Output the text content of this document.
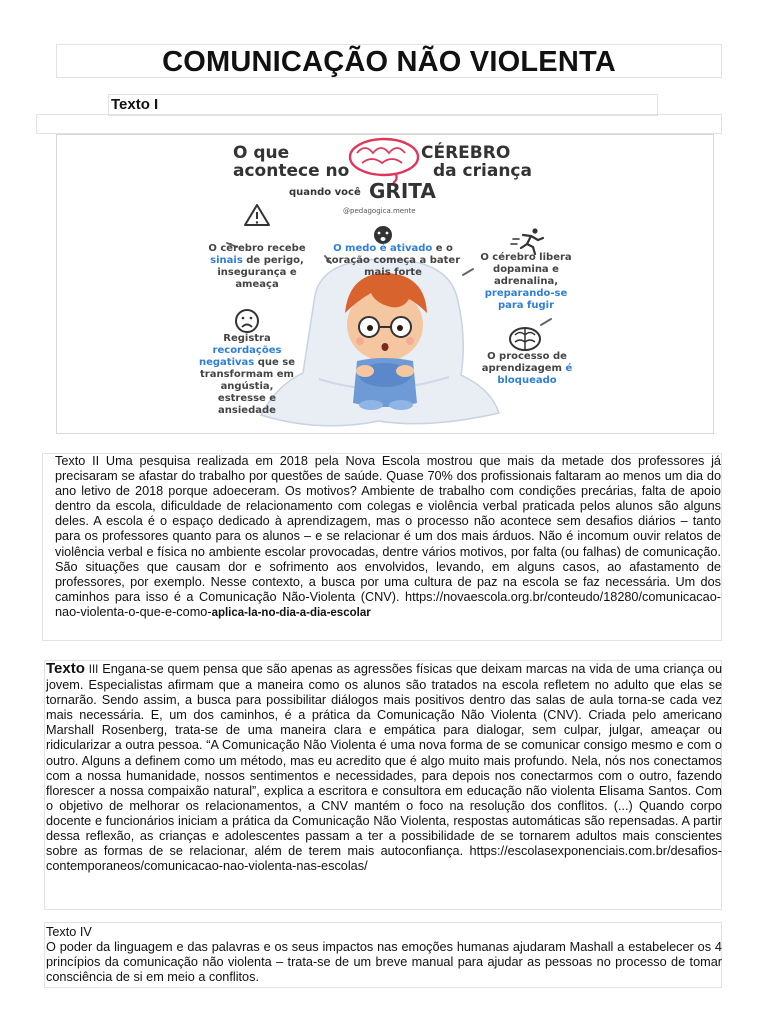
COMUNICAÇÃO NÃO VIOLENTA
Texto I
O que	CÉREBRO
acontece no	da criança
quando você GRITA
@pedagogica.mente
O cérebro recebe sinais de perigo, insegurança e ameaça
O medo é ativado e o coração começa a bater mais forte
O cérebro libera dopamina e adrenalina, preparando-se para fugir
Registra recordações negativas que se transformam em angústia, estresse e ansiedade
O processo de aprendizagem é bloqueado
Texto II Uma pesquisa realizada em 2018 pela Nova Escola mostrou que mais da metade dos professores já precisaram se afastar do trabalho por questões de saúde. Quase 70% dos profissionais faltaram ao menos um dia do ano letivo de 2018 porque adoeceram. Os motivos? Ambiente de trabalho com condições precárias, falta de apoio dentro da escola, dificuldade de relacionamento com colegas e violência verbal praticada pelos alunos são alguns deles. A escola é o espaço dedicado à aprendizagem, mas o processo não acontece sem desafios diários – tanto para os professores quanto para os alunos – e se relacionar é um dos mais árduos. Não é incomum ouvir relatos de violência verbal e física no ambiente escolar provocadas, dentre vários motivos, por falta (ou falhas) de comunicação. São situações que causam dor e sofrimento aos envolvidos, levando, em alguns casos, ao afastamento de professores, por exemplo. Nesse contexto, a busca por uma cultura de paz na escola se faz necessária. Um dos caminhos para isso é a Comunicação Não-Violenta (CNV). https://novaescola.org.br/conteudo/18280/comunicacao-nao-violenta-o-que-e-como-aplica-la-no-dia-a-dia-escolar
Texto III Engana-se quem pensa que são apenas as agressões físicas que deixam marcas na vida de uma criança ou jovem. Especialistas afirmam que a maneira como os alunos são tratados na escola refletem no adulto que elas se tornarão. Sendo assim, a busca para possibilitar diálogos mais positivos dentro das salas de aula torna-se cada vez mais necessária. E, um dos caminhos, é a prática da Comunicação Não Violenta (CNV). Criada pelo americano Marshall Rosenberg, trata-se de uma maneira clara e empática para dialogar, sem culpar, julgar, ameaçar ou ridicularizar a outra pessoa. “A Comunicação Não Violenta é uma nova forma de se comunicar consigo mesmo e com o outro. Alguns a definem como um método, mas eu acredito que é algo muito mais profundo. Nela, nós nos conectamos com a nossa humanidade, nossos sentimentos e necessidades, para depois nos conectarmos com o outro, fazendo florescer a nossa compaixão natural”, explica a escritora e consultora em educação não violenta Elisama Santos. Com o objetivo de melhorar os relacionamentos, a CNV mantém o foco na resolução dos conflitos. (...) Quando corpo docente e funcionários iniciam a prática da Comunicação Não Violenta, respostas automáticas são repensadas. A partir dessa reflexão, as crianças e adolescentes passam a ter a possibilidade de se tornarem adultos mais conscientes sobre as formas de se relacionar, além de terem mais autoconfiança. https://escolasexponenciais.com.br/desafios-contemporaneos/comunicacao-nao-violenta-nas-escolas/
Texto IV
O poder da linguagem e das palavras e os seus impactos nas emoções humanas ajudaram Mashall a estabelecer os 4 princípios da comunicação não violenta – trata-se de um breve manual para ajudar as pessoas no processo de tomar consciência de si em meio a conflitos.
